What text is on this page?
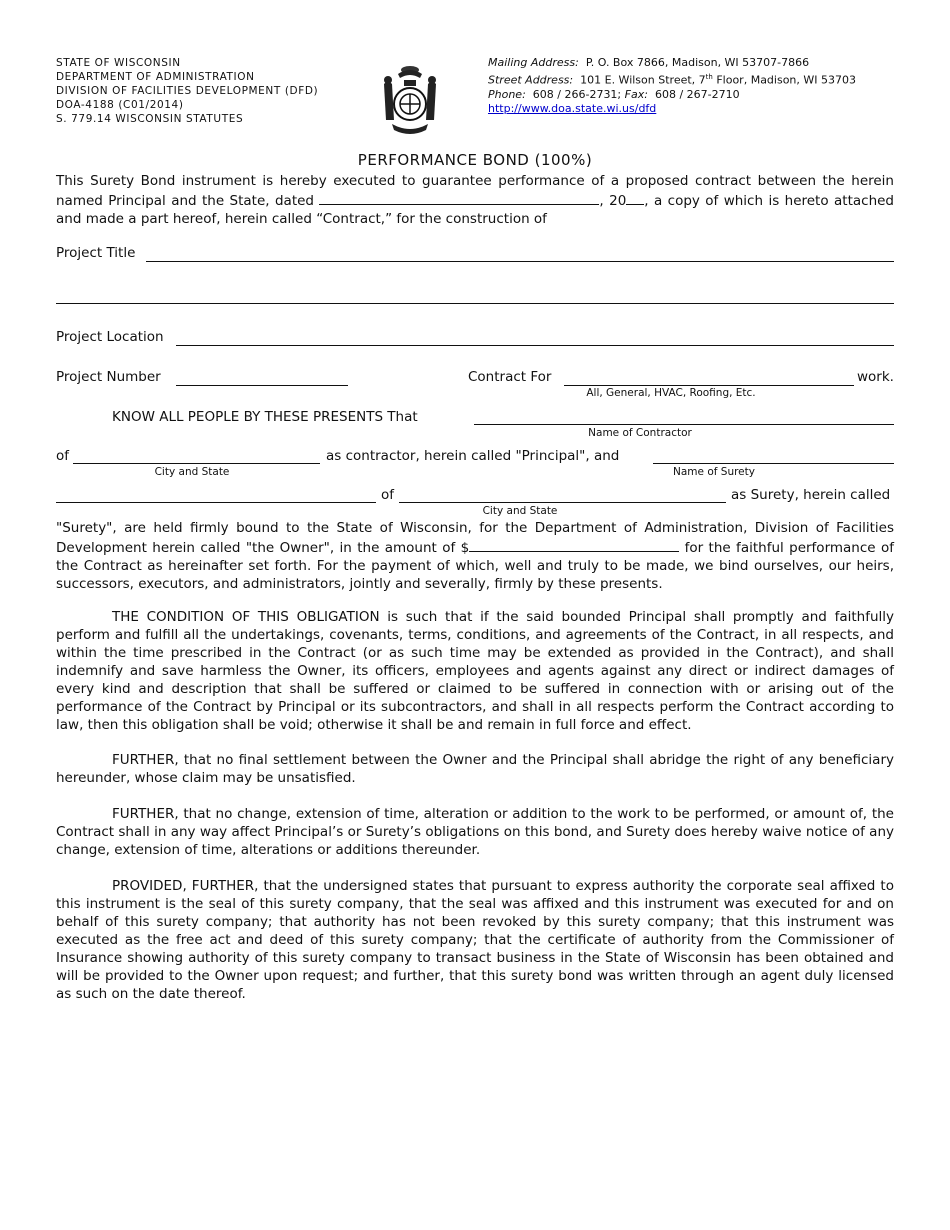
STATE OF WISCONSIN
DEPARTMENT OF ADMINISTRATION
DIVISION OF FACILITIES DEVELOPMENT (DFD)
DOA-4188 (C01/2014)
S. 779.14 WISCONSIN STATUTES
Mailing Address: P. O. Box 7866, Madison, WI 53707-7866
Street Address: 101 E. Wilson Street, 7th Floor, Madison, WI 53703
Phone: 608 / 266-2731; Fax: 608 / 267-2710
http://www.doa.state.wi.us/dfd
PERFORMANCE BOND (100%)
This Surety Bond instrument is hereby executed to guarantee performance of a proposed contract between the herein named Principal and the State, dated	, 20 , a copy of which is hereto attached and made a part hereof, herein called “Contract,” for the construction of
Project Title
Project Location
Project Number	Contract For	work.
All, General, HVAC, Roofing, Etc.
KNOW ALL PEOPLE BY THESE PRESENTS That
Name of Contractor
of	as contractor, herein called "Principal", and
City and State	Name of Surety
of	as Surety, herein called
City and State
"Surety", are held firmly bound to the State of Wisconsin, for the Department of Administration, Division of Facilities Development herein called "the Owner", in the amount of $	for the faithful performance of the Contract as hereinafter set forth. For the payment of which, well and truly to be made, we bind ourselves, our heirs, successors, executors, and administrators, jointly and severally, firmly by these presents.
THE CONDITION OF THIS OBLIGATION is such that if the said bounded Principal shall promptly and faithfully perform and fulfill all the undertakings, covenants, terms, conditions, and agreements of the Contract, in all respects, and within the time prescribed in the Contract (or as such time may be extended as provided in the Contract), and shall indemnify and save harmless the Owner, its officers, employees and agents against any direct or indirect damages of every kind and description that shall be suffered or claimed to be suffered in connection with or arising out of the performance of the Contract by Principal or its subcontractors, and shall in all respects perform the Contract according to law, then this obligation shall be void; otherwise it shall be and remain in full force and effect.
FURTHER, that no final settlement between the Owner and the Principal shall abridge the right of any beneficiary hereunder, whose claim may be unsatisfied.
FURTHER, that no change, extension of time, alteration or addition to the work to be performed, or amount of, the Contract shall in any way affect Principal’s or Surety’s obligations on this bond, and Surety does hereby waive notice of any change, extension of time, alterations or additions thereunder.
PROVIDED, FURTHER, that the undersigned states that pursuant to express authority the corporate seal affixed to this instrument is the seal of this surety company, that the seal was affixed and this instrument was executed for and on behalf of this surety company; that authority has not been revoked by this surety company; that this instrument was executed as the free act and deed of this surety company; that the certificate of authority from the Commissioner of Insurance showing authority of this surety company to transact business in the State of Wisconsin has been obtained and will be provided to the Owner upon request; and further, that this surety bond was written through an agent duly licensed as such on the date thereof.
